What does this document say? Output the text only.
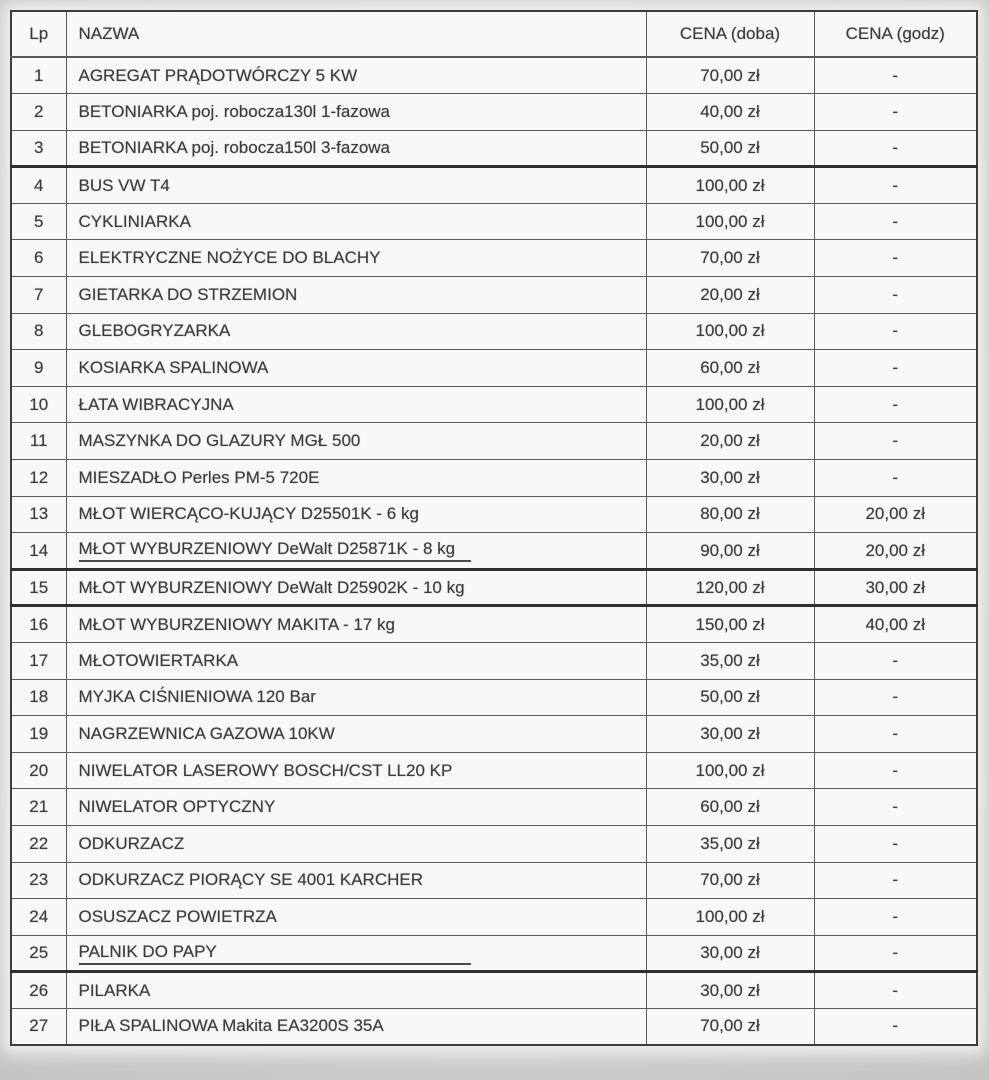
Lp	NAZWA	CENA (doba)	CENA (godz)
1	AGREGAT PRĄDOTWÓRCZY 5 KW	70,00 zł	-
2	BETONIARKA poj. robocza130l 1-fazowa	40,00 zł	-
3	BETONIARKA poj. robocza150l 3-fazowa	50,00 zł	-
4	BUS VW T4	100,00 zł	-
5	CYKLINIARKA	100,00 zł	-
6	ELEKTRYCZNE NOŻYCE DO BLACHY	70,00 zł	-
7	GIETARKA DO STRZEMION	20,00 zł	-
8	GLEBOGRYZARKA	100,00 zł	-
9	KOSIARKA SPALINOWA	60,00 zł	-
10	ŁATA WIBRACYJNA	100,00 zł	-
11	MASZYNKA DO GLAZURY MGŁ 500	20,00 zł	-
12	MIESZADŁO Perles PM-5 720E	30,00 zł	-
13	MŁOT WIERCĄCO-KUJĄCY D25501K - 6 kg	80,00 zł	20,00 zł
14	MŁOT WYBURZENIOWY DeWalt D25871K - 8 kg	90,00 zł	20,00 zł
15	MŁOT WYBURZENIOWY DeWalt D25902K - 10 kg	120,00 zł	30,00 zł
16	MŁOT WYBURZENIOWY MAKITA - 17 kg	150,00 zł	40,00 zł
17	MŁOTOWIERTARKA	35,00 zł	-
18	MYJKA CIŚNIENIOWA 120 Bar	50,00 zł	-
19	NAGRZEWNICA GAZOWA 10KW	30,00 zł	-
20	NIWELATOR LASEROWY BOSCH/CST LL20 KP	100,00 zł	-
21	NIWELATOR OPTYCZNY	60,00 zł	-
22	ODKURZACZ	35,00 zł	-
23	ODKURZACZ PIORĄCY SE 4001 KARCHER	70,00 zł	-
24	OSUSZACZ POWIETRZA	100,00 zł	-
25	PALNIK DO PAPY	30,00 zł	-
26	PILARKA	30,00 zł	-
27	PIŁA SPALINOWA Makita EA3200S 35A	70,00 zł	-
